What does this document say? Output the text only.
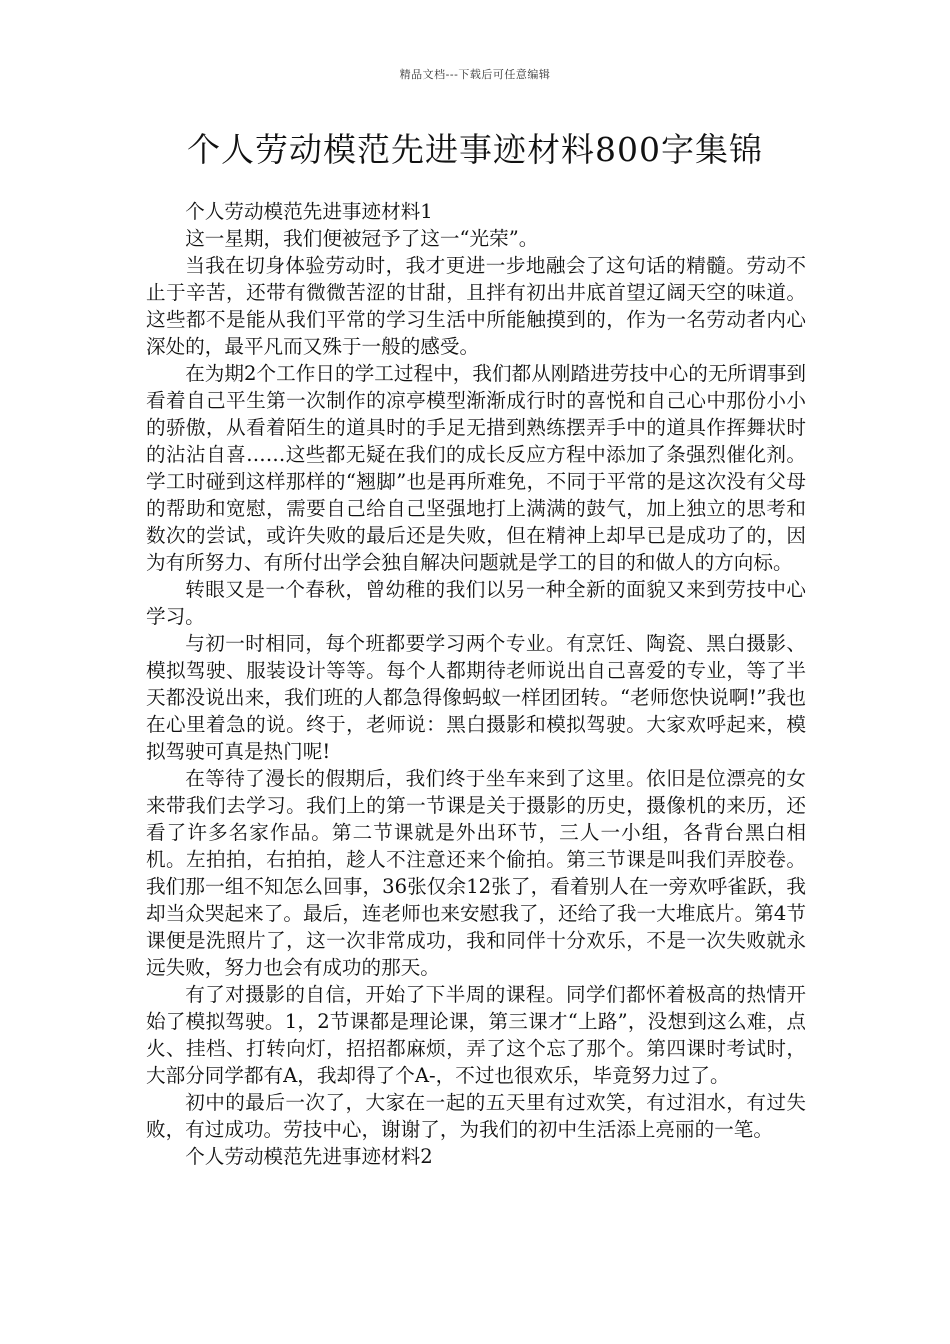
精品文档---下载后可任意编辑
个人劳动模范先进事迹材料800字集锦

个人劳动模范先进事迹材料1

这一星期，我们便被冠予了这一“光荣”。

当我在切身体验劳动时，我才更进一步地融会了这句话的精髓。劳动不止于辛苦，还带有微微苦涩的甘甜，且拌有初出井底首望辽阔天空的味道。这些都不是能从我们平常的学习生活中所能触摸到的，作为一名劳动者内心深处的，最平凡而又殊于一般的感受。

在为期2个工作日的学工过程中，我们都从刚踏进劳技中心的无所谓事到看着自己平生第一次制作的凉亭模型渐渐成行时的喜悦和自己心中那份小小的骄傲，从看着陌生的道具时的手足无措到熟练摆弄手中的道具作挥舞状时的沾沾自喜……这些都无疑在我们的成长反应方程中添加了条强烈催化剂。学工时碰到这样那样的“翘脚”也是再所难免，不同于平常的是这次没有父母的帮助和宽慰，需要自己给自己坚强地打上满满的鼓气，加上独立的思考和数次的尝试，或许失败的最后还是失败，但在精神上却早已是成功了的，因为有所努力、有所付出学会独自解决问题就是学工的目的和做人的方向标。

转眼又是一个春秋，曾幼稚的我们以另一种全新的面貌又来到劳技中心学习。

与初一时相同，每个班都要学习两个专业。有烹饪、陶瓷、黑白摄影、模拟驾驶、服装设计等等。每个人都期待老师说出自己喜爱的专业，等了半天都没说出来，我们班的人都急得像蚂蚁一样团团转。“老师您快说啊!”我也在心里着急的说。终于，老师说：黑白摄影和模拟驾驶。大家欢呼起来，模拟驾驶可真是热门呢!

在等待了漫长的假期后，我们终于坐车来到了这里。依旧是位漂亮的女来带我们去学习。我们上的第一节课是关于摄影的历史，摄像机的来历，还看了许多名家作品。第二节课就是外出环节，三人一小组，各背台黑白相机。左拍拍，右拍拍，趁人不注意还来个偷拍。第三节课是叫我们弄胶卷。我们那一组不知怎么回事，36张仅余12张了，看着别人在一旁欢呼雀跃，我却当众哭起来了。最后，连老师也来安慰我了，还给了我一大堆底片。第4节课便是洗照片了，这一次非常成功，我和同伴十分欢乐，不是一次失败就永远失败，努力也会有成功的那天。

有了对摄影的自信，开始了下半周的课程。同学们都怀着极高的热情开始了模拟驾驶。1，2节课都是理论课，第三课才“上路”，没想到这么难，点火、挂档、打转向灯，招招都麻烦，弄了这个忘了那个。第四课时考试时，大部分同学都有A，我却得了个A-，不过也很欢乐，毕竟努力过了。

初中的最后一次了，大家在一起的五天里有过欢笑，有过泪水，有过失败，有过成功。劳技中心，谢谢了，为我们的初中生活添上亮丽的一笔。

个人劳动模范先进事迹材料2
